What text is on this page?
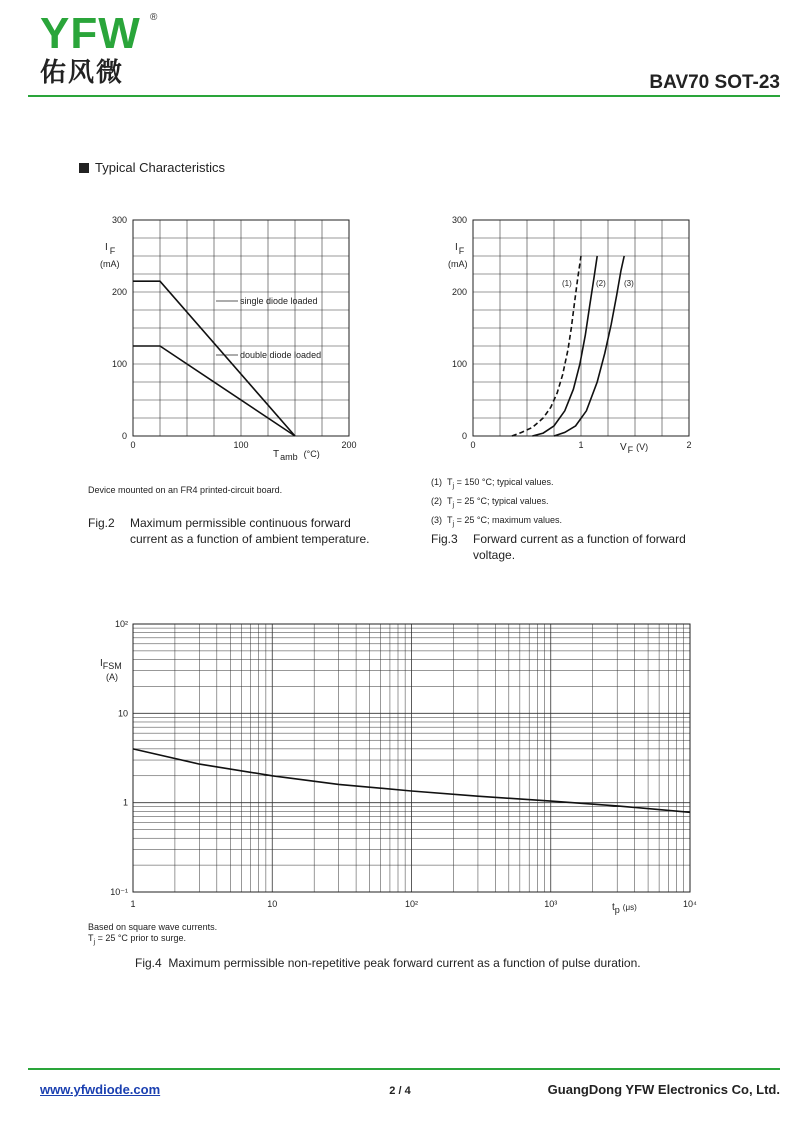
YFW ®
佑风微	BAV70 SOT-23
Typical Characteristics
0	100	200
0
100
200
300
I F
(mA)
Tamb (°C)
single diode loaded
double diode loaded
Device mounted on an FR4 printed-circuit board.
Fig.2 Maximum permissible continuous forward current as a function of ambient temperature.
0	1	2
0
100
200
300
IF
(mA)
VF (V)
(1)	(2) (3)
(1) $T_j = 150$ °C; typical values.
(2) $T_j = 25$ °C; typical values.
(3) $T_j = 25$ °C; maximum values.
Fig.3 Forward current as a function of forward voltage.
1	10	10²	10³	10⁴
10⁻¹
1
10
10²
IFSM
(A)
tp $^{(\mu s)}$
Based on square wave currents.
$T_j = 25$ °C prior to surge.
Fig.4 Maximum permissible non-repetitive peak forward current as a function of pulse duration.
www.yfwdiode.com	2 / 4	GuangDong YFW Electronics Co, Ltd.
